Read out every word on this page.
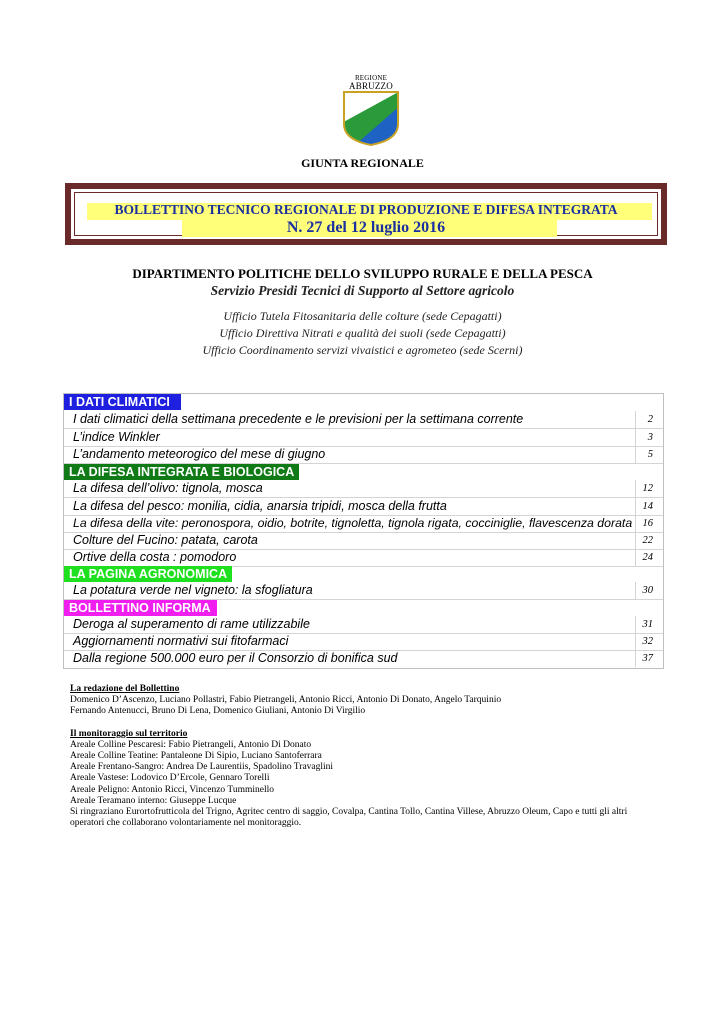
REGIONE
ABRUZZO
GIUNTA REGIONALE
BOLLETTINO TECNICO REGIONALE DI PRODUZIONE E DIFESA INTEGRATA
N. 27 del 12 luglio 2016
DIPARTIMENTO POLITICHE DELLO SVILUPPO RURALE E DELLA PESCA
Servizio Presidi Tecnici di Supporto al Settore agricolo
Ufficio Tutela Fitosanitaria delle colture (sede Cepagatti)
Ufficio Direttiva Nitrati e qualità dei suoli (sede Cepagatti)
Ufficio Coordinamento servizi vivaistici e agrometeo (sede Scerni)
I DATI CLIMATICI
I dati climatici della settimana precedente e le previsioni per la settimana corrente	2
L’indice Winkler	3
L’andamento meteorogico del mese di giugno	5
LA DIFESA INTEGRATA E BIOLOGICA
La difesa dell’olivo: tignola, mosca	12
La difesa del pesco: monilia, cidia, anarsia tripidi, mosca della frutta	14
La difesa della vite: peronospora, oidio, botrite, tignoletta, tignola rigata, cocciniglie, flavescenza dorata 16
Colture del Fucino: patata, carota	22
Ortive della costa : pomodoro	24
LA PAGINA AGRONOMICA
La potatura verde nel vigneto: la sfogliatura	30
BOLLETTINO INFORMA
Deroga al superamento di rame utilizzabile	31
Aggiornamenti normativi sui fitofarmaci	32
Dalla regione 500.000 euro per il Consorzio di bonifica sud	37
La redazione del Bollettino
Domenico D’Ascenzo, Luciano Pollastri, Fabio Pietrangeli, Antonio Ricci, Antonio Di Donato, Angelo Tarquinio
Fernando Antenucci, Bruno Di Lena, Domenico Giuliani, Antonio Di Virgilio
Il monitoraggio sul territorio
Areale Colline Pescaresi: Fabio Pietrangeli, Antonio Di Donato
Areale Colline Teatine: Pantaleone Di Sipio, Luciano Santoferrara
Areale Frentano-Sangro: Andrea De Laurentiis, Spadolino Travaglini
Areale Vastese: Lodovico D’Ercole, Gennaro Torelli
Areale Peligno: Antonio Ricci, Vincenzo Tumminello
Areale Teramano interno: Giuseppe Lucque
Si ringraziano Eurortofrutticola del Trigno, Agritec centro di saggio, Covalpa, Cantina Tollo, Cantina Villese, Abruzzo Oleum, Capo e tutti gli altri
operatori che collaborano volontariamente nel monitoraggio.
